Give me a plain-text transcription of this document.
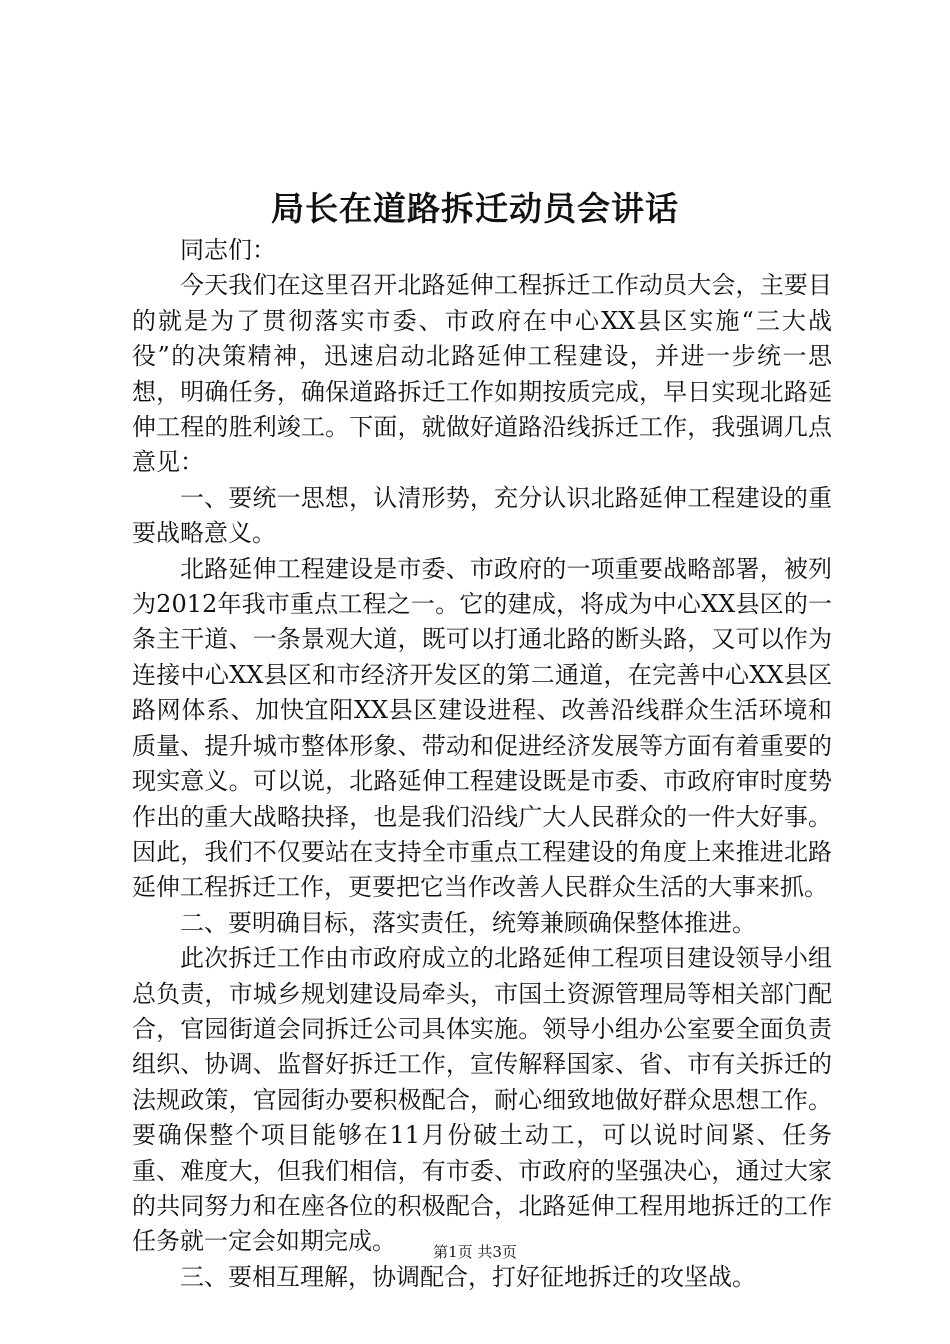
局长在道路拆迁动员会讲话

同志们：

今天我们在这里召开北路延伸工程拆迁工作动员大会，主要目的就是为了贯彻落实市委、市政府在中心XX县区实施“三大战役”的决策精神，迅速启动北路延伸工程建设，并进一步统一思想，明确任务，确保道路拆迁工作如期按质完成，早日实现北路延伸工程的胜利竣工。下面，就做好道路沿线拆迁工作，我强调几点意见：

一、要统一思想，认清形势，充分认识北路延伸工程建设的重要战略意义。

北路延伸工程建设是市委、市政府的一项重要战略部署，被列为2012年我市重点工程之一。它的建成，将成为中心XX县区的一条主干道、一条景观大道，既可以打通北路的断头路，又可以作为连接中心XX县区和市经济开发区的第二通道，在完善中心XX县区路网体系、加快宜阳XX县区建设进程、改善沿线群众生活环境和质量、提升城市整体形象、带动和促进经济发展等方面有着重要的现实意义。可以说，北路延伸工程建设既是市委、市政府审时度势作出的重大战略抉择，也是我们沿线广大人民群众的一件大好事。因此，我们不仅要站在支持全市重点工程建设的角度上来推进北路延伸工程拆迁工作，更要把它当作改善人民群众生活的大事来抓。

二、要明确目标，落实责任，统筹兼顾确保整体推进。

此次拆迁工作由市政府成立的北路延伸工程项目建设领导小组总负责，市城乡规划建设局牵头，市国土资源管理局等相关部门配合，官园街道会同拆迁公司具体实施。领导小组办公室要全面负责组织、协调、监督好拆迁工作，宣传解释国家、省、市有关拆迁的法规政策，官园街办要积极配合，耐心细致地做好群众思想工作。要确保整个项目能够在11月份破土动工，可以说时间紧、任务重、难度大，但我们相信，有市委、市政府的坚强决心，通过大家的共同努力和在座各位的积极配合，北路延伸工程用地拆迁的工作任务就一定会如期完成。

三、要相互理解，协调配合，打好征地拆迁的攻坚战。

第1页 共3页
